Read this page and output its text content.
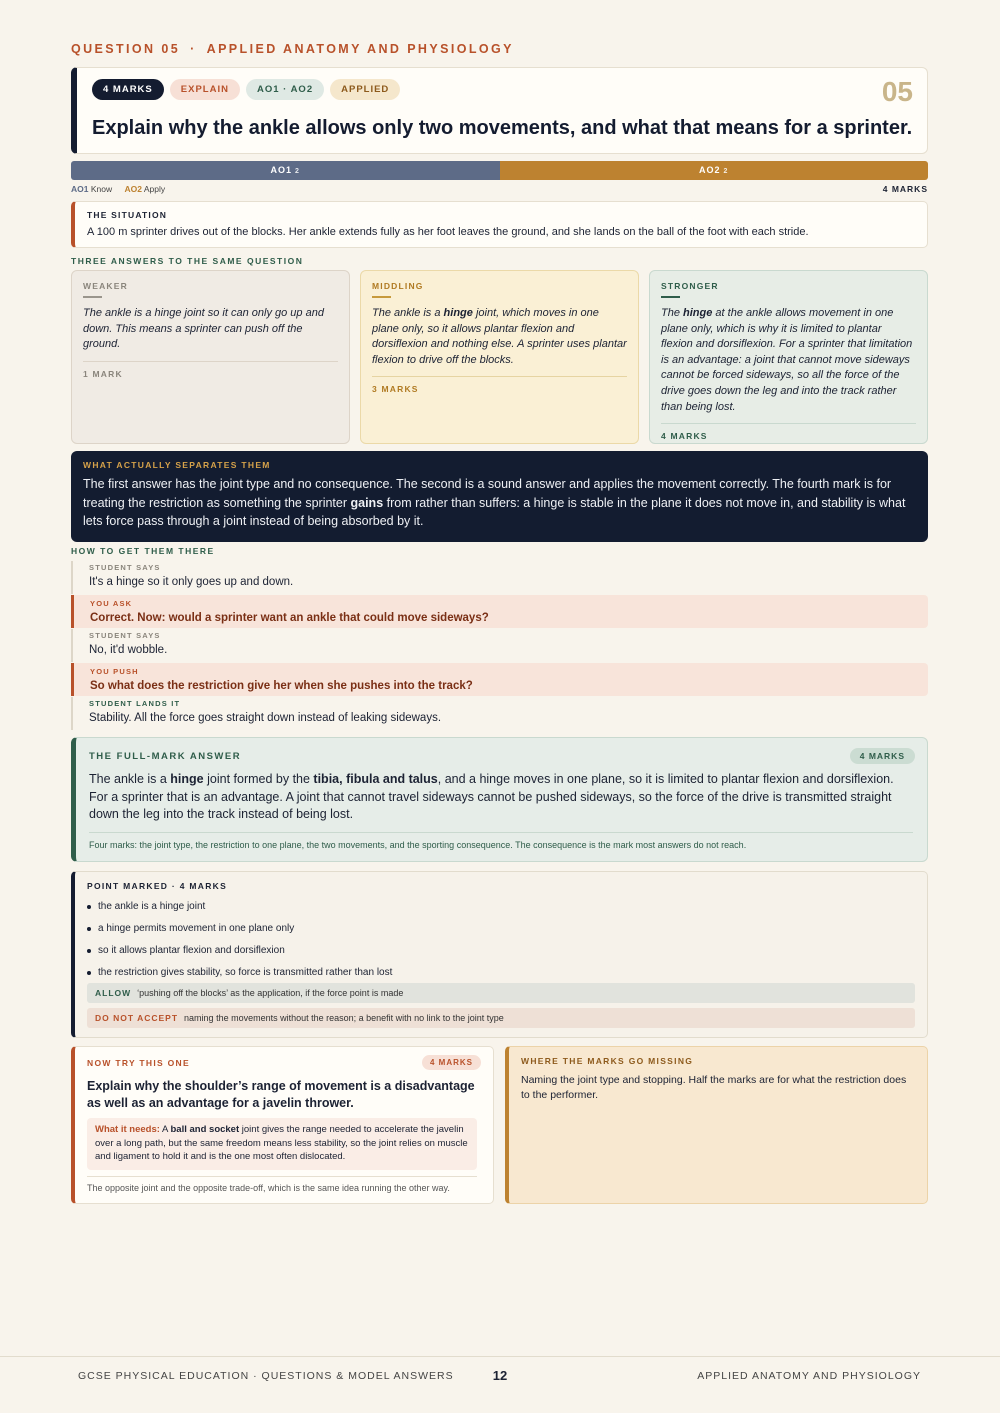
QUESTION 05 · APPLIED ANATOMY AND PHYSIOLOGY
4 MARKS	EXPLAIN	AO1 · AO2	APPLIED	05
Explain why the ankle allows only two movements, and what that means for a sprinter.
AO1 2	AO2 2
AO1 Know AO2 Apply	4 MARKS
THE SITUATION
A 100 m sprinter drives out of the blocks. Her ankle extends fully as her foot leaves the ground, and she lands on the ball of the foot with each stride.
THREE ANSWERS TO THE SAME QUESTION
WEAKER
The ankle is a hinge joint so it can only go up and down. This means a sprinter can push off the ground.
1 MARK
MIDDLING
The ankle is a hinge joint, which moves in one plane only, so it allows plantar flexion and dorsiflexion and nothing else. A sprinter uses plantar flexion to drive off the blocks.
3 MARKS
STRONGER
The hinge at the ankle allows movement in one plane only, which is why it is limited to plantar flexion and dorsiflexion. For a sprinter that limitation is an advantage: a joint that cannot move sideways cannot be forced sideways, so all the force of the drive goes down the leg and into the track rather than being lost.
4 MARKS
WHAT ACTUALLY SEPARATES THEM
The first answer has the joint type and no consequence. The second is a sound answer and applies the movement correctly. The fourth mark is for treating the restriction as something the sprinter gains from rather than suffers: a hinge is stable in the plane it does not move in, and stability is what lets force pass through a joint instead of being absorbed by it.
HOW TO GET THEM THERE
STUDENT SAYS
It's a hinge so it only goes up and down.
YOU ASK
Correct. Now: would a sprinter want an ankle that could move sideways?
STUDENT SAYS
No, it'd wobble.
YOU PUSH
So what does the restriction give her when she pushes into the track?
STUDENT LANDS IT
Stability. All the force goes straight down instead of leaking sideways.
THE FULL-MARK ANSWER	4 MARKS
The ankle is a hinge joint formed by the tibia, fibula and talus, and a hinge moves in one plane, so it is limited to plantar flexion and dorsiflexion. For a sprinter that is an advantage. A joint that cannot travel sideways cannot be pushed sideways, so the force of the drive is transmitted straight down the leg into the track instead of being lost.
Four marks: the joint type, the restriction to one plane, the two movements, and the sporting consequence. The consequence is the mark most answers do not reach.
POINT MARKED · 4 MARKS
the ankle is a hinge joint
a hinge permits movement in one plane only
so it allows plantar flexion and dorsiflexion
the restriction gives stability, so force is transmitted rather than lost
ALLOW ‘pushing off the blocks’ as the application, if the force point is made
DO NOT ACCEPT naming the movements without the reason; a benefit with no link to the joint type
NOW TRY THIS ONE	4 MARKS
Explain why the shoulder’s range of movement is a disadvantage as well as an advantage for a javelin thrower.
What it needs: A ball and socket joint gives the range needed to accelerate the javelin over a long path, but the same freedom means less stability, so the joint relies on muscle and ligament to hold it and is the one most often dislocated.
The opposite joint and the opposite trade-off, which is the same idea running the other way.
WHERE THE MARKS GO MISSING
Naming the joint type and stopping. Half the marks are for what the restriction does to the performer.
GCSE PHYSICAL EDUCATION · QUESTIONS & MODEL ANSWERS	12	APPLIED ANATOMY AND PHYSIOLOGY
